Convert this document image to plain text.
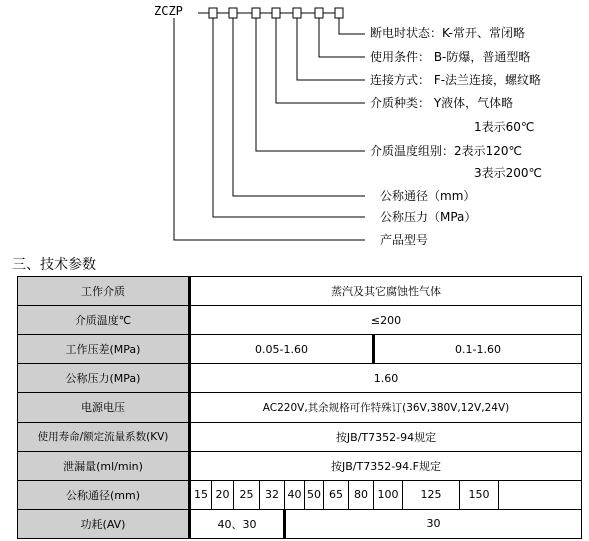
ZCZP
断电时状态：K-常开、常闭略
使用条件： B-防爆，普通型略
连接方式： F-法兰连接，螺纹略
介质种类： Y液体，气体略
1表示60℃
介质温度组别：2表示120℃
3表示200℃
公称通径（mm）
公称压力（MPa）
产品型号
三、技术参数
工作介质	蒸汽及其它腐蚀性气体											
介质温度℃	≤200											
工作压差(MPa)	0.05-1.60								0.1-1.60			
公称压力(MPa)	1.60											
电源电压	AC220V,其余规格可作特殊订(36V,380V,12V,24V)											
使用寿命/额定流量系数(KV)	按JB/T7352-94规定											
泄漏量(ml/min)	按JB/T7352-94.F规定											
公称通径(mm)	15	20	25	32	40	50	65	80	100	125	150	
功耗(AV)	40、30				30							
